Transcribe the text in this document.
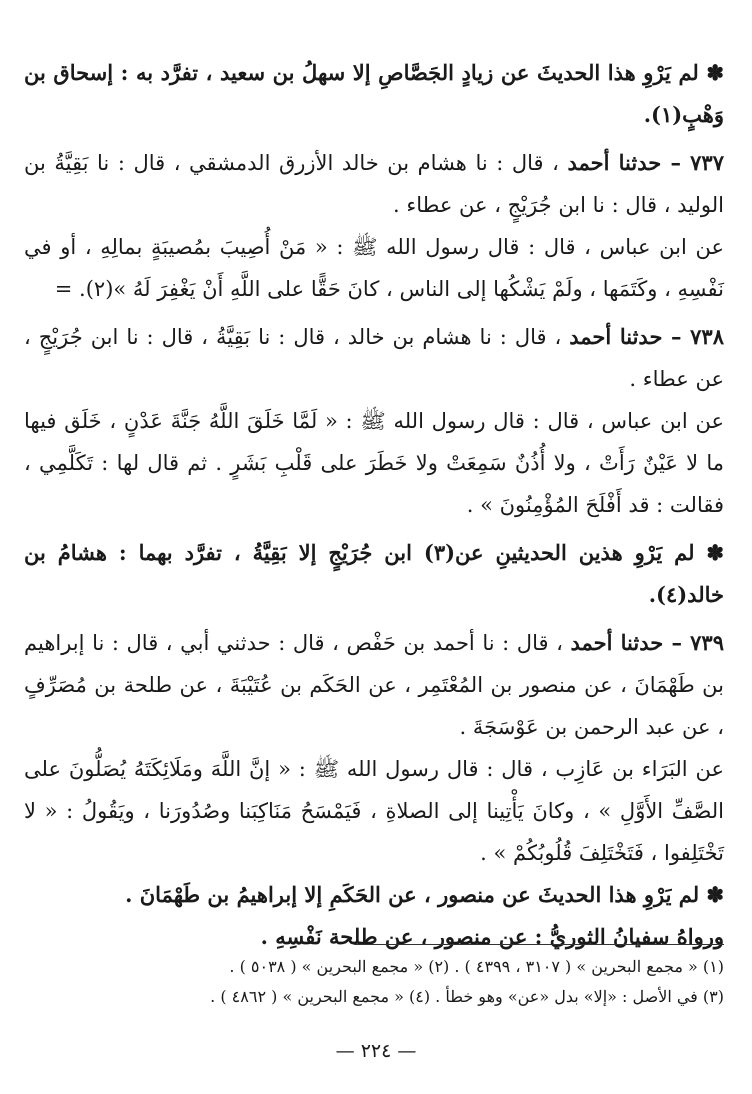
✽ لم يَرْوِ هذا الحديثَ عن زيادٍ الجَصَّاصِ إلا سهلُ بن سعيد ، تفرَّد به : إسحاق بن وَهْبٍ(١).

٧٣٧ – حدثنا أحمد ، قال : نا هشام بن خالد الأزرق الدمشقي ، قال : نا بَقِيَّةُ بن الوليد ، قال : نا ابن جُرَيْجٍ ، عن عطاء .

عن ابن عباس ، قال : قال رسول الله ﷺ : « مَنْ أُصِيبَ بمُصيبَةٍ بمالِهِ ، أو في نَفْسِهِ ، وكَتَمَها ، ولَمْ يَشْكُها إلى الناس ، كانَ حَقًّا على اللَّهِ أَنْ يَغْفِرَ لَهُ »(٢). =

٧٣٨ – حدثنا أحمد ، قال : نا هشام بن خالد ، قال : نا بَقِيَّةُ ، قال : نا ابن جُرَيْجٍ ، عن عطاء .

عن ابن عباس ، قال : قال رسول الله ﷺ : « لَمَّا خَلَقَ اللَّهُ جَنَّةَ عَدْنٍ ، خَلَق فيها ما لا عَيْنٌ رَأَتْ ، ولا أُذُنٌ سَمِعَتْ ولا خَطَرَ على قَلْبِ بَشَرٍ . ثم قال لها : تَكَلَّمِي ، فقالت : قد أَفْلَحَ المُؤْمِنُونَ » .

✽ لم يَرْوِ هذين الحديثينِ عن(٣) ابن جُرَيْجٍ إلا بَقِيَّةُ ، تفرَّد بهما : هشامُ بن خالد(٤).

٧٣٩ – حدثنا أحمد ، قال : نا أحمد بن حَفْص ، قال : حدثني أبي ، قال : نا إبراهيم بن طَهْمَانَ ، عن منصور بن المُعْتَمِر ، عن الحَكَم بن عُتَيْبَةَ ، عن طلحة بن مُصَرِّفٍ ، عن عبد الرحمن بن عَوْسَجَةَ .

عن البَرَاء بن عَازِب ، قال : قال رسول الله ﷺ : « إنَّ اللَّهَ ومَلَائِكَتَهُ يُصَلُّونَ على الصَّفِّ الأَوَّلِ » ، وكانَ يَأْتِينا إلى الصلاةِ ، فَيَمْسَحُ مَنَاكِبَنا وصُدُورَنا ، ويَقُولُ : « لا تَخْتَلِفوا ، فَتَخْتَلِفَ قُلُوبُكُمْ » .

✽ لم يَرْوِ هذا الحديثَ عن منصور ، عن الحَكَمِ إلا إبراهيمُ بن طَهْمَانَ .

ورواهُ سفيانُ الثوريُّ : عن منصور ، عن طلحة نَفْسِهِ .

(١) « مجمع البحرين » ( ٣١٠٧ ، ٤٣٩٩ ) . (٢) « مجمع البحرين » ( ٥٠٣٨ ) .

(٣) في الأصل : «إلا» بدل «عن» وهو خطأ . (٤) « مجمع البحرين » ( ٤٨٦٢ ) .

— ٢٢٤ —
